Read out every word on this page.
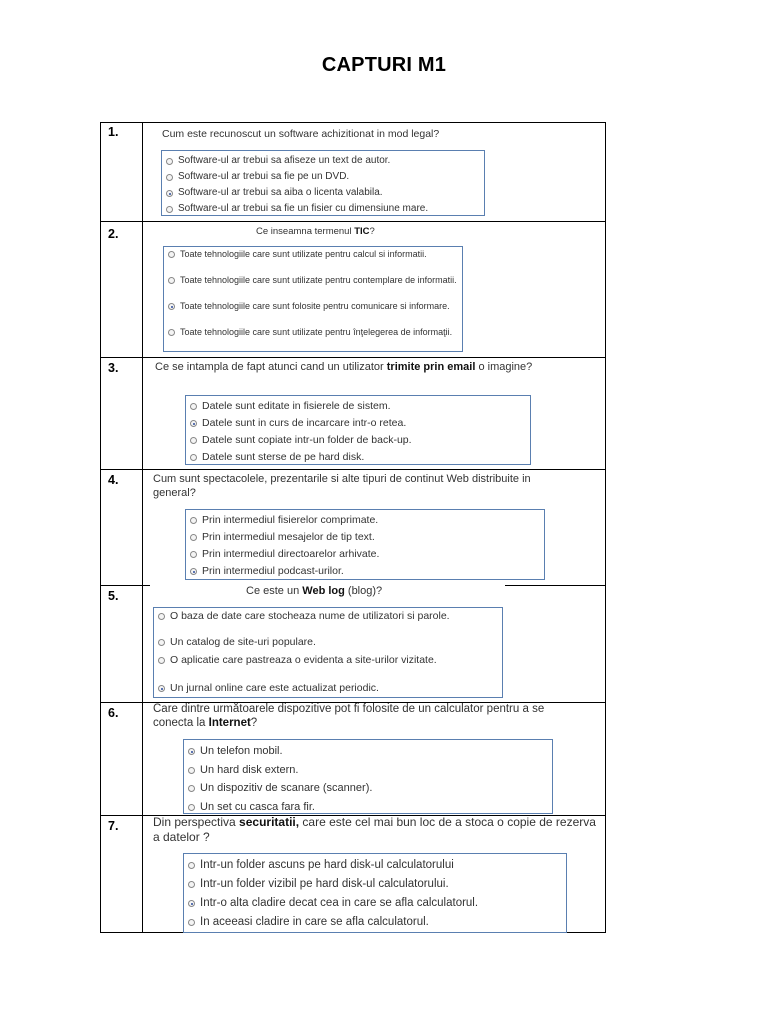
CAPTURI M1
1.	Cum este recunoscut un software achizitionat in mod legal?
Software-ul ar trebui sa afiseze un text de autor.
Software-ul ar trebui sa fie pe un DVD.
Software-ul ar trebui sa aiba o licenta valabila.
Software-ul ar trebui sa fie un fisier cu dimensiune mare.
2.	Ce inseamna termenul TIC?
Toate tehnologiile care sunt utilizate pentru calcul si informatii.
Toate tehnologiile care sunt utilizate pentru contemplare de informatii.
Toate tehnologiile care sunt folosite pentru comunicare si informare.
Toate tehnologiile care sunt utilizate pentru înţelegerea de informaţii.
3.	Ce se intampla de fapt atunci cand un utilizator trimite prin email o imagine?
Datele sunt editate in fisierele de sistem.
Datele sunt in curs de incarcare intr-o retea.
Datele sunt copiate intr-un folder de back-up.
Datele sunt sterse de pe hard disk.
4.	Cum sunt spectacolele, prezentarile si alte tipuri de continut Web distribuite in general?
Prin intermediul fisierelor comprimate.
Prin intermediul mesajelor de tip text.
Prin intermediul directoarelor arhivate.
Prin intermediul podcast-urilor.
5.	Ce este un Web log (blog)?
O baza de date care stocheaza nume de utilizatori si parole.
Un catalog de site-uri populare.
O aplicatie care pastreaza o evidenta a site-urilor vizitate.
Un jurnal online care este actualizat periodic.
6.	Care dintre următoarele dispozitive pot fi folosite de un calculator pentru a se conecta la Internet?
Un telefon mobil.
Un hard disk extern.
Un dispozitiv de scanare (scanner).
Un set cu casca fara fir.
7.	Din perspectiva securitatii, care este cel mai bun loc de a stoca o copie de rezerva a datelor ?
Intr-un folder ascuns pe hard disk-ul calculatorului
Intr-un folder vizibil pe hard disk-ul calculatorului.
Intr-o alta cladire decat cea in care se afla calculatorul.
In aceeasi cladire in care se afla calculatorul.
